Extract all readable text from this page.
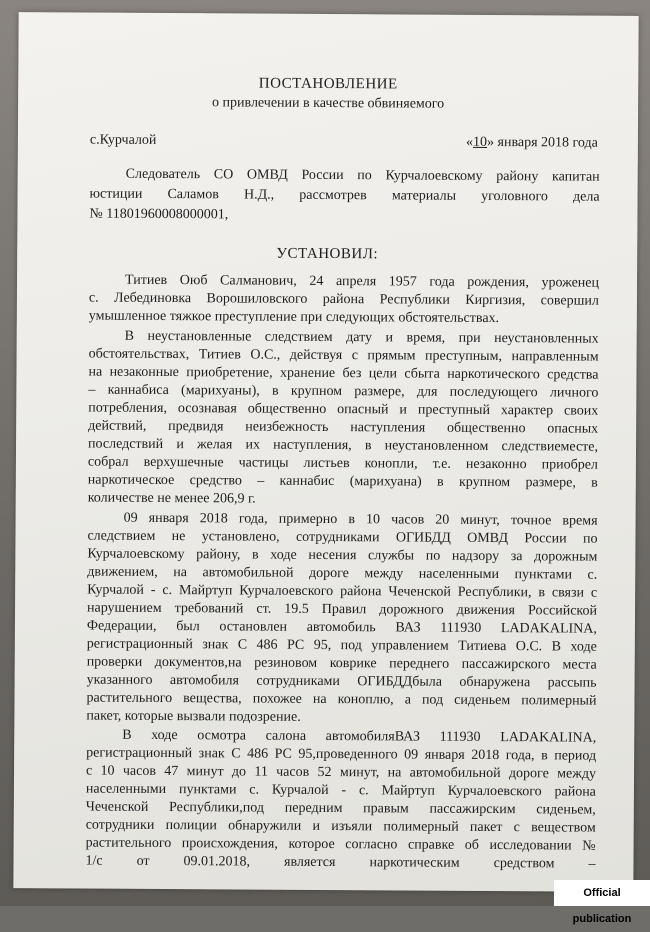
ПОСТАНОВЛЕНИЕ
о привлечении в качестве обвиняемого
с.Курчалой	«10» января 2018 года
Следователь СО ОМВД России по Курчалоевскому району капитан
юстиции Саламов Н.Д., рассмотрев материалы уголовного дела
№ 11801960008000001,
УСТАНОВИЛ:
Титиев Оюб Салманович, 24 апреля 1957 года рождения, уроженец
с. Лебединовка Ворошиловского района Республики Киргизия, совершил
умышленное тяжкое преступление при следующих обстоятельствах.
В неустановленные следствием дату и время, при неустановленных
обстоятельствах, Титиев О.С., действуя с прямым преступным, направленным
на незаконные приобретение, хранение без цели сбыта наркотического средства
– каннабиса (марихуаны), в крупном размере, для последующего личного
потребления, осознавая общественно опасный и преступный характер своих
действий, предвидя неизбежность наступления общественно опасных
последствий и желая их наступления, в неустановленном следствиеместе,
собрал верхушечные частицы листьев конопли, т.е. незаконно приобрел
наркотическое средство – каннабис (марихуана) в крупном размере, в
количестве не менее 206,9 г.
09 января 2018 года, примерно в 10 часов 20 минут, точное время
следствием не установлено, сотрудниками ОГИБДД ОМВД России по
Курчалоевскому району, в ходе несения службы по надзору за дорожным
движением, на автомобильной дороге между населенными пунктами с.
Курчалой - с. Майртуп Курчалоевского района Чеченской Республики, в связи с
нарушением требований ст. 19.5 Правил дорожного движения Российской
Федерации, был остановлен автомобиль ВАЗ 111930 LADAKALINA,
регистрационный знак С 486 РС 95, под управлением Титиева О.С. В ходе
проверки документов,на резиновом коврике переднего пассажирского места
указанного автомобиля сотрудниками ОГИБДДбыла обнаружена рассыпь
растительного вещества, похожее на коноплю, а под сиденьем полимерный
пакет, которые вызвали подозрение.
В ходе осмотра салона автомобиляВАЗ 111930 LADAKALINA,
регистрационный знак С 486 РС 95,проведенного 09 января 2018 года, в период
с 10 часов 47 минут до 11 часов 52 минут, на автомобильной дороге между
населенными пунктами с. Курчалой - с. Майртуп Курчалоевского района
Чеченской Республики,под передним правым пассажирским сиденьем,
сотрудники полиции обнаружили и изъяли полимерный пакет с веществом
растительного происхождения, которое согласно справке об исследовании №
1/с от 09.01.2018, является наркотическим средством –
Official publication
